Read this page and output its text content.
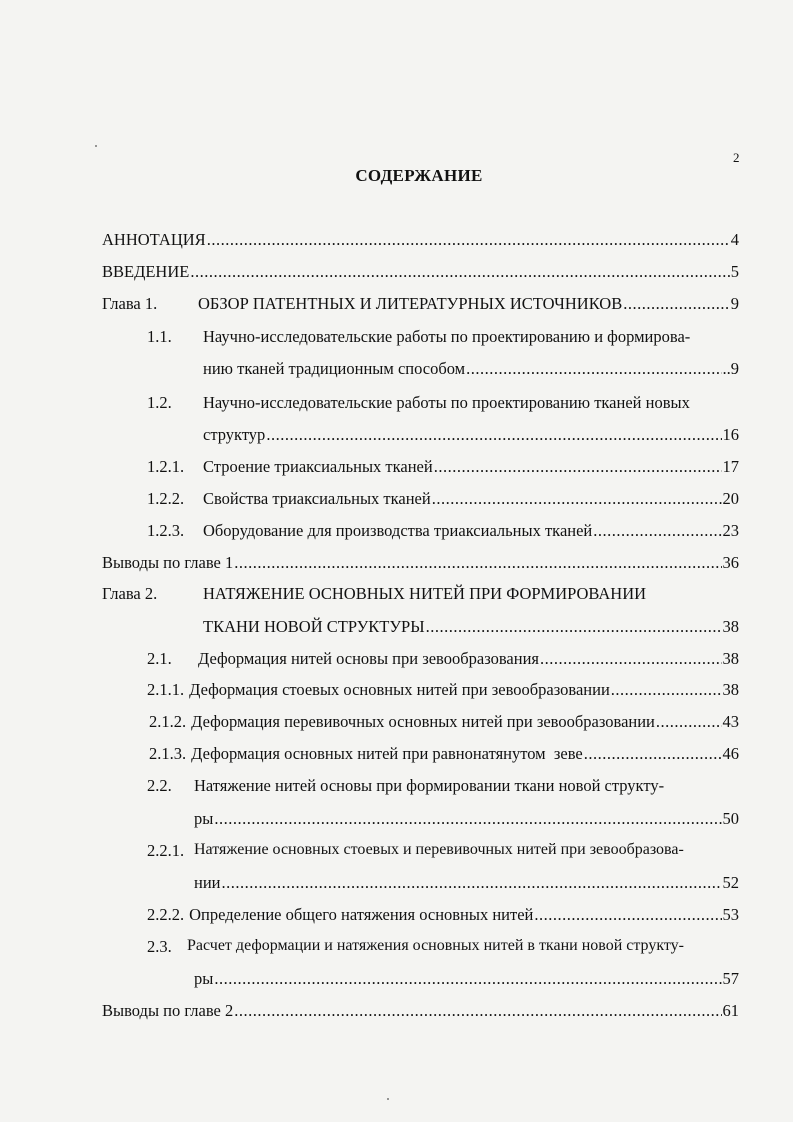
2
СОДЕРЖАНИЕ
АННОТАЦИЯ .....	4
ВВЕДЕНИЕ .....	5
Глава 1. ОБЗОР ПАТЕНТНЫХ И ЛИТЕРАТУРНЫХ ИСТОЧНИКОВ .....	9
1.1. Научно-исследовательские работы по проектированию и формирова-
нию тканей традиционным способом .....	..9
1.2. Научно-исследовательские работы по проектированию тканей новых
структур .....	16
1.2.1. Строение триаксиальных тканей .....	17
1.2.2. Свойства триаксиальных тканей .....	20
1.2.3. Оборудование для производства триаксиальных тканей .....	23
Выводы по главе 1 .....	36
Глава 2.	НАТЯЖЕНИЕ ОСНОВНЫХ НИТЕЙ ПРИ ФОРМИРОВАНИИ
ТКАНИ НОВОЙ СТРУКТУРЫ .....	38
2.1. Деформация нитей основы при зевообразования .....	38
2.1.1. Деформация стоевых основных нитей при зевообразовании .....	38
2.1.2. Деформация перевивочных основных нитей при зевообразовании .....	43
2.1.3. Деформация основных нитей при равнонатянутом  зеве .....	46
2.2. Натяжение нитей основы при формировании ткани новой структу-
ры .....	50
2.2.1. Натяжение основных стоевых и перевивочных нитей при зевообразова-
нии .....	52
2.2.2. Определение общего натяжения основных нитей .....	53
2.3. Расчет деформации и натяжения основных нитей в ткани новой структу-
ры .....	57
Выводы по главе 2 .....	61
